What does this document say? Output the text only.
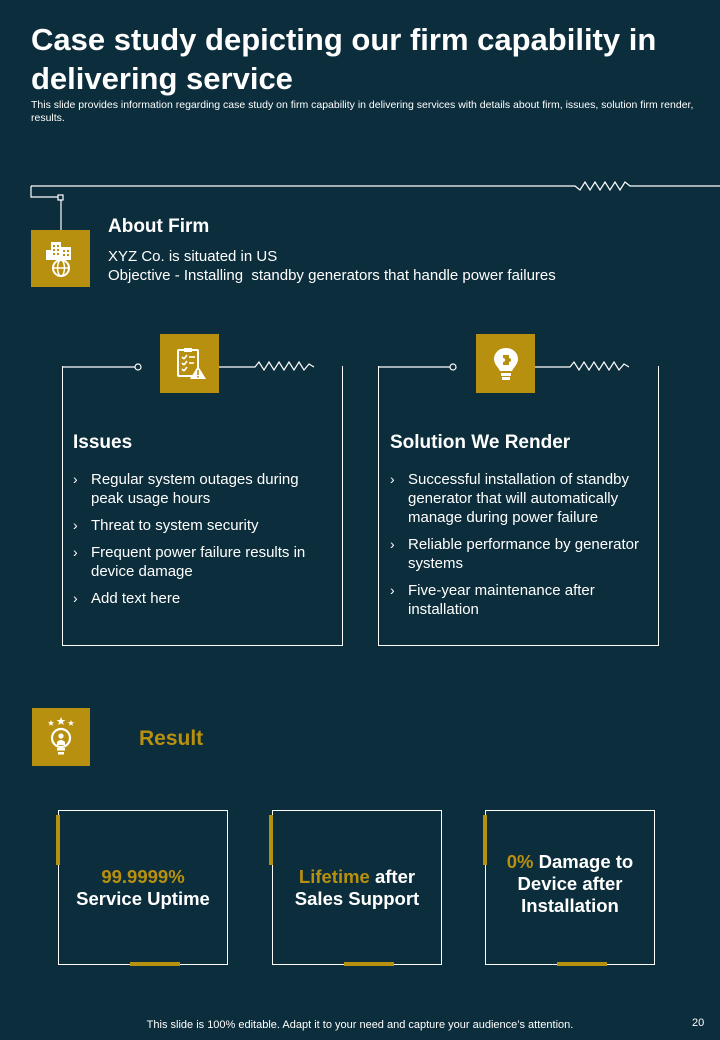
Case study depicting our firm capability in delivering service
This slide provides information regarding case study on firm capability in delivering services with details about firm, issues, solution firm render, results.
About Firm
XYZ Co. is situated in US
Objective - Installing  standby generators that handle power failures
Issues
› Regular system outages during peak usage hours
› Threat to system security
› Frequent power failure results in device damage
› Add text here
Solution We Render
› Successful installation of standby generator that will automatically manage during power failure
› Reliable performance by generator systems
› Five-year maintenance after installation
Result
99.9999%
Service Uptime
Lifetime after Sales Support
0% Damage to Device after Installation
This slide is 100% editable. Adapt it to your need and capture your audience’s attention.	20
